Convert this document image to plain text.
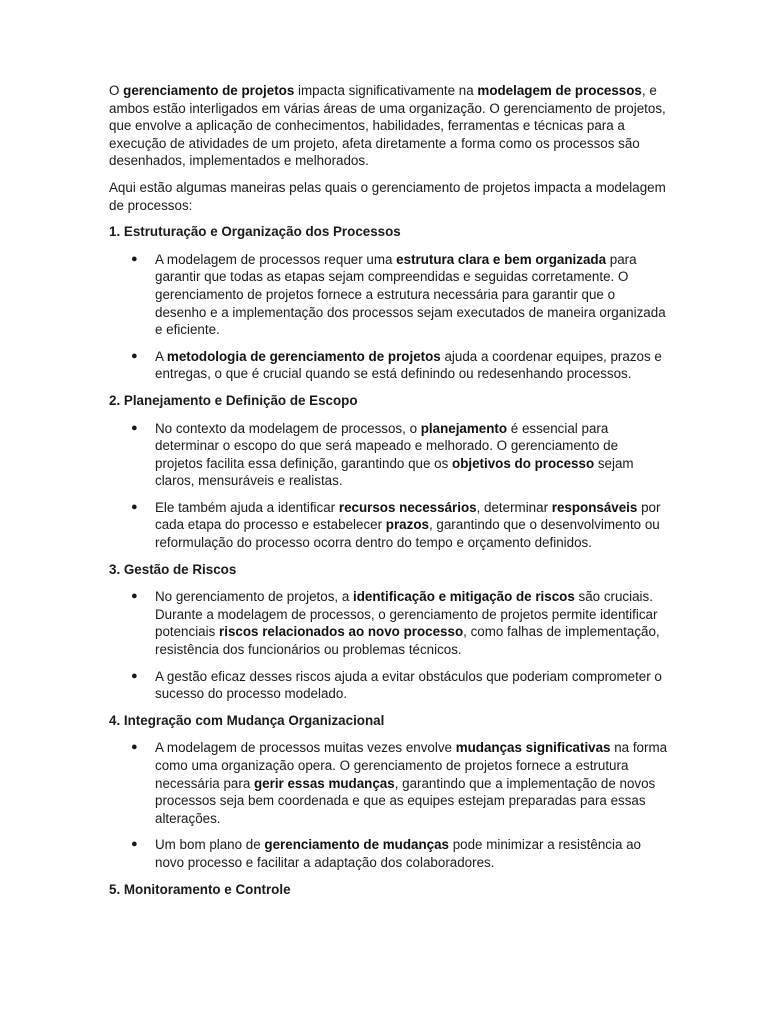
O gerenciamento de projetos impacta significativamente na modelagem de processos, e ambos estão interligados em várias áreas de uma organização. O gerenciamento de projetos, que envolve a aplicação de conhecimentos, habilidades, ferramentas e técnicas para a execução de atividades de um projeto, afeta diretamente a forma como os processos são desenhados, implementados e melhorados.

Aqui estão algumas maneiras pelas quais o gerenciamento de projetos impacta a modelagem de processos:

1. Estruturação e Organização dos Processos
● A modelagem de processos requer uma estrutura clara e bem organizada para garantir que todas as etapas sejam compreendidas e seguidas corretamente. O gerenciamento de projetos fornece a estrutura necessária para garantir que o desenho e a implementação dos processos sejam executados de maneira organizada e eficiente.
● A metodologia de gerenciamento de projetos ajuda a coordenar equipes, prazos e entregas, o que é crucial quando se está definindo ou redesenhando processos.
2. Planejamento e Definição de Escopo
● No contexto da modelagem de processos, o planejamento é essencial para determinar o escopo do que será mapeado e melhorado. O gerenciamento de projetos facilita essa definição, garantindo que os objetivos do processo sejam claros, mensuráveis e realistas.
● Ele também ajuda a identificar recursos necessários, determinar responsáveis por cada etapa do processo e estabelecer prazos, garantindo que o desenvolvimento ou reformulação do processo ocorra dentro do tempo e orçamento definidos.
3. Gestão de Riscos
● No gerenciamento de projetos, a identificação e mitigação de riscos são cruciais. Durante a modelagem de processos, o gerenciamento de projetos permite identificar potenciais riscos relacionados ao novo processo, como falhas de implementação, resistência dos funcionários ou problemas técnicos.
● A gestão eficaz desses riscos ajuda a evitar obstáculos que poderiam comprometer o sucesso do processo modelado.
4. Integração com Mudança Organizacional
● A modelagem de processos muitas vezes envolve mudanças significativas na forma como uma organização opera. O gerenciamento de projetos fornece a estrutura necessária para gerir essas mudanças, garantindo que a implementação de novos processos seja bem coordenada e que as equipes estejam preparadas para essas alterações.
● Um bom plano de gerenciamento de mudanças pode minimizar a resistência ao novo processo e facilitar a adaptação dos colaboradores.
5. Monitoramento e Controle
